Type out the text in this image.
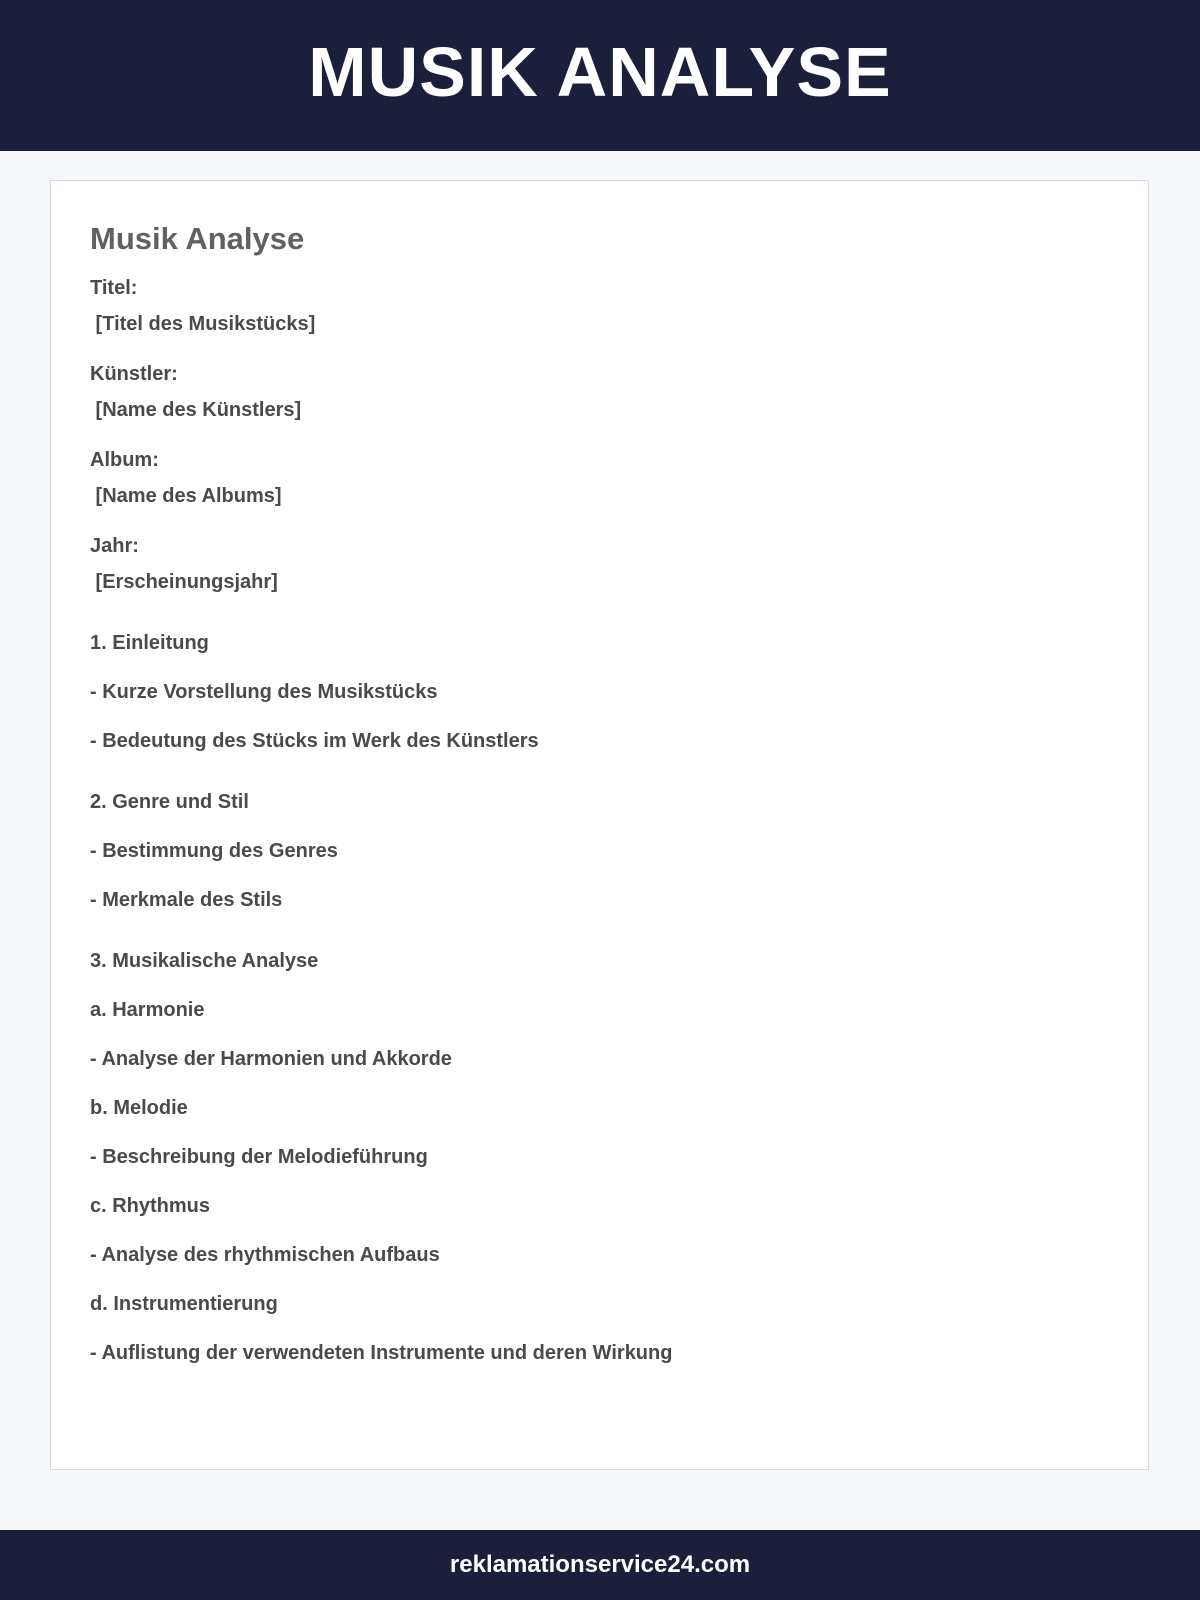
MUSIK ANALYSE
Musik Analyse
Titel:
[Titel des Musikstücks]
Künstler:
[Name des Künstlers]
Album:
[Name des Albums]
Jahr:
[Erscheinungsjahr]
1. Einleitung
- Kurze Vorstellung des Musikstücks
- Bedeutung des Stücks im Werk des Künstlers
2. Genre und Stil
- Bestimmung des Genres
- Merkmale des Stils
3. Musikalische Analyse
a. Harmonie
- Analyse der Harmonien und Akkorde
b. Melodie
- Beschreibung der Melodieführung
c. Rhythmus
- Analyse des rhythmischen Aufbaus
d. Instrumentierung
- Auflistung der verwendeten Instrumente und deren Wirkung
reklamationservice24.com
